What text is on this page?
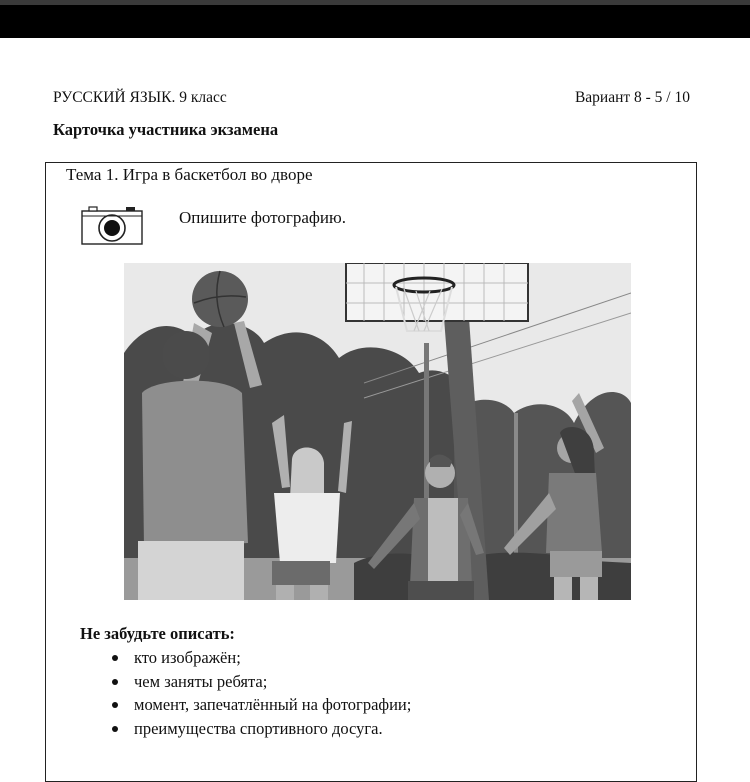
РУССКИЙ ЯЗЫК. 9 класс	Вариант 8 - 5 / 10
Карточка участника экзамена
Тема 1. Игра в баскетбол во дворе
Опишите фотографию.
Не забудьте описать:
кто изображён;
чем заняты ребята;
момент, запечатлённый на фотографии;
преимущества спортивного досуга.
